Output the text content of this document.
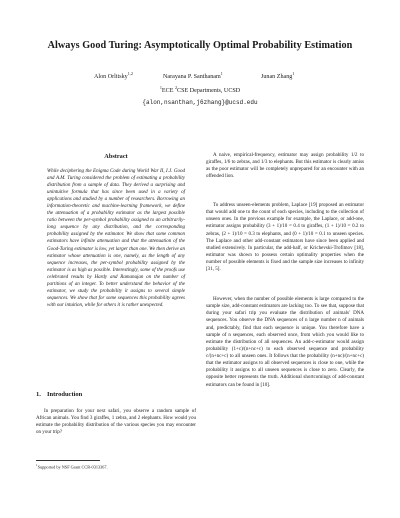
Always Good Turing: Asymptotically Optimal Probability Estimation
Alon Orlitsky$^{1,2}$
Narayana P. Santhanam$^1$
Junan Zhang$^1$
$^1$ECE $^2$CSE Departments, UCSD
{alon,nsanthan,j6zhang}@ucsd.edu
Abstract
While deciphering the Enigma Code during World War II, I.J. Good and A.M. Turing considered the problem of estimating a probability distribution from a sample of data. They derived a surprising and unintuitive formula that has since been used in a variety of applications and studied by a number of researchers. Borrowing an information-theoretic and machine-learning framework, we define the attenuation of a probability estimator as the largest possible ratio between the per-symbol probability assigned to an arbitrarily-long sequence by any distribution, and the corresponding probability assigned by the estimator. We show that some common estimators have infinite attenuation and that the attenuation of the Good-Turing estimator is low, yet larger than one. We then derive an estimator whose attenuation is one, namely, as the length of any sequence increases, the per-symbol probability assigned by the estimator is as high as possible. Interestingly, some of the proofs use celebrated results by Hardy and Ramanujan on the number of partitions of an integer. To better understand the behavior of the estimator, we study the probability it assigns to several simple sequences. We show that for some sequences this probability agrees with our intuition, while for others it is rather unexpected.
1. Introduction
In preparation for your next safari, you observe a random sample of African animals. You find 3 giraffes, 1 zebra, and 2 elephants. How would you estimate the probability distribution of the various species you may encounter on your trip?
$^1$Supported by NSF Grant CCR-0313367.
A naive, empirical-frequency, estimator may assign probability 1/2 to giraffes, 1/6 to zebras, and 1/3 to elephants. But this estimator is clearly amiss as the poor estimator will be completely unprepared for an encounter with an offended lion.
To address unseen-elements problem, Laplace [19] proposed an estimator that would add one to the count of each species, including to the collection of unseen ones. In the previous example for example, the Laplace, or add-one, estimator assigns probability (3 + 1)/10 = 0.4 to giraffes, (1 + 1)/10 = 0.2 to zebras, (2 + 1)/10 = 0.3 to elephants, and (0 + 1)/10 = 0.1 to unseen species. The Laplace and other add-constant estimators have since been applied and studied extensively. In particular, the add-half, or Krichevski-Trofimov [18], estimator was shown to possess certain optimality properties when the number of possible elements is fixed and the sample size increases to infinity [31, 5].
However, when the number of possible elements is large compared to the sample size, add-constant estimators are lacking too. To see that, suppose that during your safari trip you evaluate the distribution of animals' DNA sequences. You observe the DNA sequences of n large number n of animals and, predictably, find that each sequence is unique. You therefore have a sample of n sequences, each observed once, from which you would like to estimate the distribution of all sequences. An add-c-estimator would assign probability (1+c)/(n+nc+c) to each observed sequence and probability c/(n+nc+c) to all unseen ones. It follows that the probability (n+nc)/(n+nc+c) that the estimator assigns to all observed sequences is close to one, while the probability it assigns to all unseen sequences is close to zero. Clearly, the opposite better represents the truth. Additional shortcomings of add-constant estimators can be found in [10].
